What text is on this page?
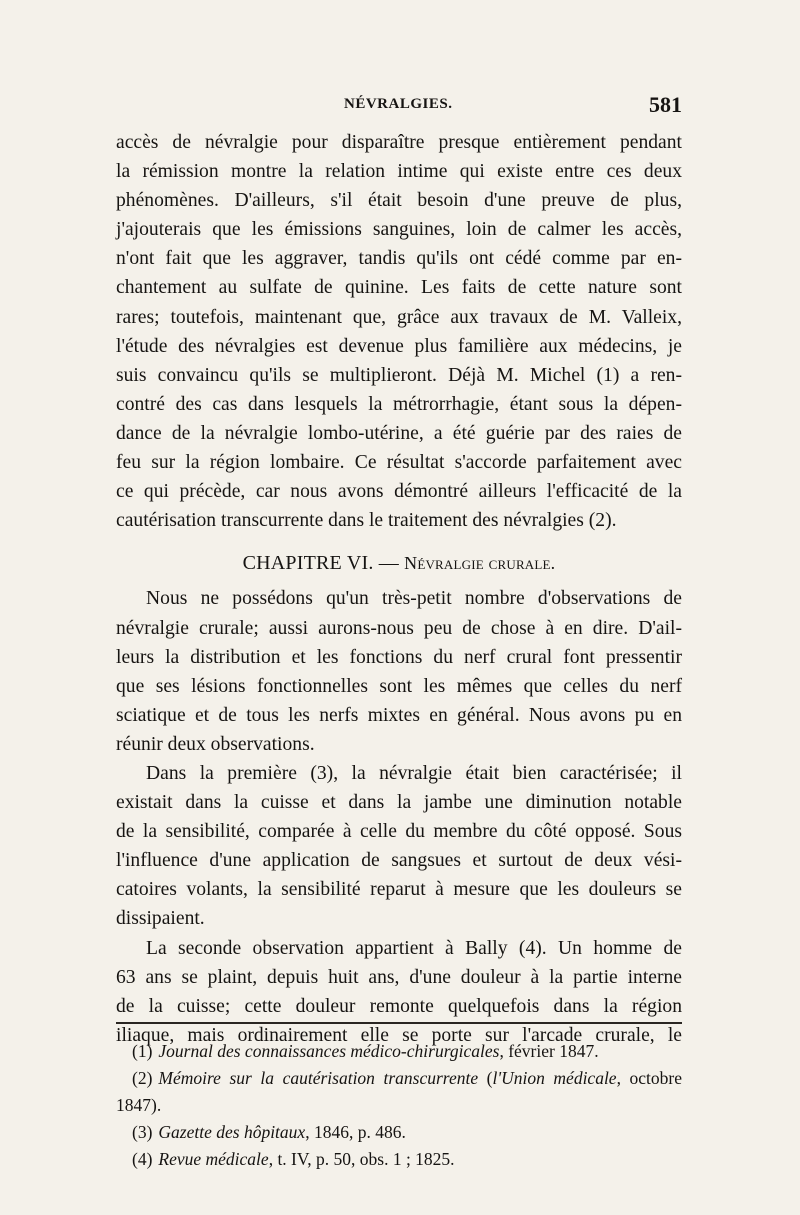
NÉVRALGIES.	581
accès de névralgie pour disparaître presque entièrement pendant
la rémission montre la relation intime qui existe entre ces deux
phénomènes. D'ailleurs, s'il était besoin d'une preuve de plus,
j'ajouterais que les émissions sanguines, loin de calmer les accès,
n'ont fait que les aggraver, tandis qu'ils ont cédé comme par en-
chantement au sulfate de quinine. Les faits de cette nature sont
rares; toutefois, maintenant que, grâce aux travaux de M. Valleix,
l'étude des névralgies est devenue plus familière aux médecins, je
suis convaincu qu'ils se multiplieront. Déjà M. Michel (1) a ren-
contré des cas dans lesquels la métrorrhagie, étant sous la dépen-
dance de la névralgie lombo-utérine, a été guérie par des raies de
feu sur la région lombaire. Ce résultat s'accorde parfaitement avec
ce qui précède, car nous avons démontré ailleurs l'efficacité de la
cautérisation transcurrente dans le traitement des névralgies (2).
CHAPITRE VI. — Névralgie crurale.
Nous ne possédons qu'un très-petit nombre d'observations de
névralgie crurale; aussi aurons-nous peu de chose à en dire. D'ail-
leurs la distribution et les fonctions du nerf crural font pressentir
que ses lésions fonctionnelles sont les mêmes que celles du nerf
sciatique et de tous les nerfs mixtes en général. Nous avons pu en
réunir deux observations.
Dans la première (3), la névralgie était bien caractérisée; il
existait dans la cuisse et dans la jambe une diminution notable
de la sensibilité, comparée à celle du membre du côté opposé. Sous
l'influence d'une application de sangsues et surtout de deux vési-
catoires volants, la sensibilité reparut à mesure que les douleurs se
dissipaient.
La seconde observation appartient à Bally (4). Un homme de
63 ans se plaint, depuis huit ans, d'une douleur à la partie interne
de la cuisse; cette douleur remonte quelquefois dans la région
iliaque, mais ordinairement elle se porte sur l'arcade crurale, le
(1) Journal des connaissances médico-chirurgicales, février 1847.
(2) Mémoire sur la cautérisation transcurrente (l'Union médicale, octobre
1847).
(3) Gazette des hôpitaux, 1846, p. 486.
(4) Revue médicale, t. IV, p. 50, obs. 1 ; 1825.
